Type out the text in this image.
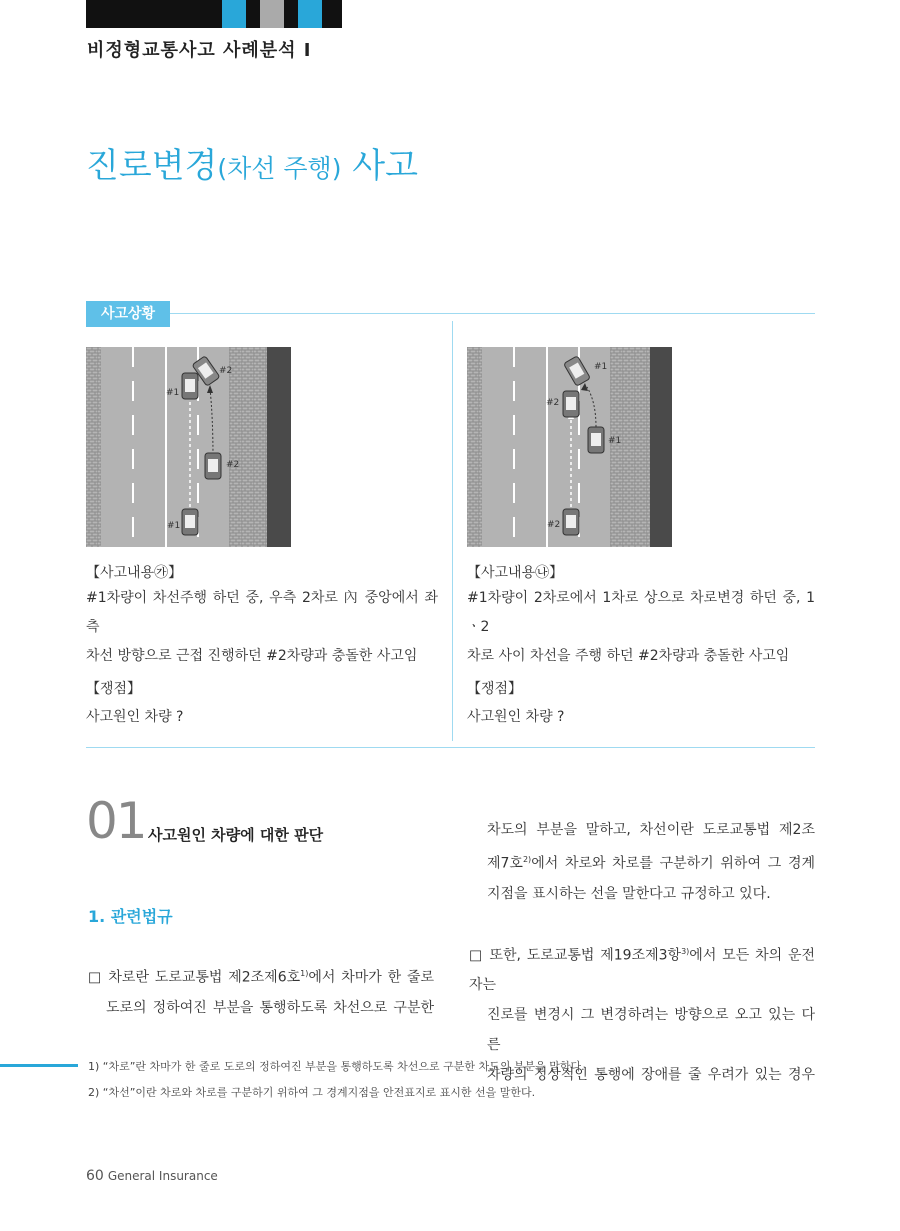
비정형교통사고 사례분석 I
진로변경(차선 주행) 사고
사고상황
#1
#2
#2
#1
#1
#2
#1
#2
【사고내용㉮】
#1차량이 차선주행 하던 중, 우측 2차로 內 중앙에서 좌측
차선 방향으로 근접 진행하던 #2차량과 충돌한 사고임
【쟁점】
사고원인 차량 ?
【사고내용㉯】
#1차량이 2차로에서 1차로 상으로 차로변경 하던 중, 1ㆍ2
차로 사이 차선을 주행 하던 #2차량과 충돌한 사고임
【쟁점】
사고원인 차량 ?
01 사고원인 차량에 대한 판단
1. 관련법규
□ 차로란 도로교통법 제2조제6호$^{1)}$에서 차마가 한 줄로
도로의 정하여진 부분을 통행하도록 차선으로 구분한
차도의 부분을 말하고, 차선이란 도로교통법 제2조
제7호$^{2)}$에서 차로와 차로를 구분하기 위하여 그 경계
지점을 표시하는 선을 말한다고 규정하고 있다.
□ 또한, 도로교통법 제19조제3항$^{3)}$에서 모든 차의 운전자는
진로를 변경시 그 변경하려는 방향으로 오고 있는 다른
차량의 정상적인 통행에 장애를 줄 우려가 있는 경우
1) “차로”란 차마가 한 줄로 도로의 정하여진 부분을 통행하도록 차선으로 구분한 차도의 부분을 말한다.
2) “차선”이란 차로와 차로를 구분하기 위하여 그 경계지점을 안전표지로 표시한 선을 말한다.
60 General Insurance
